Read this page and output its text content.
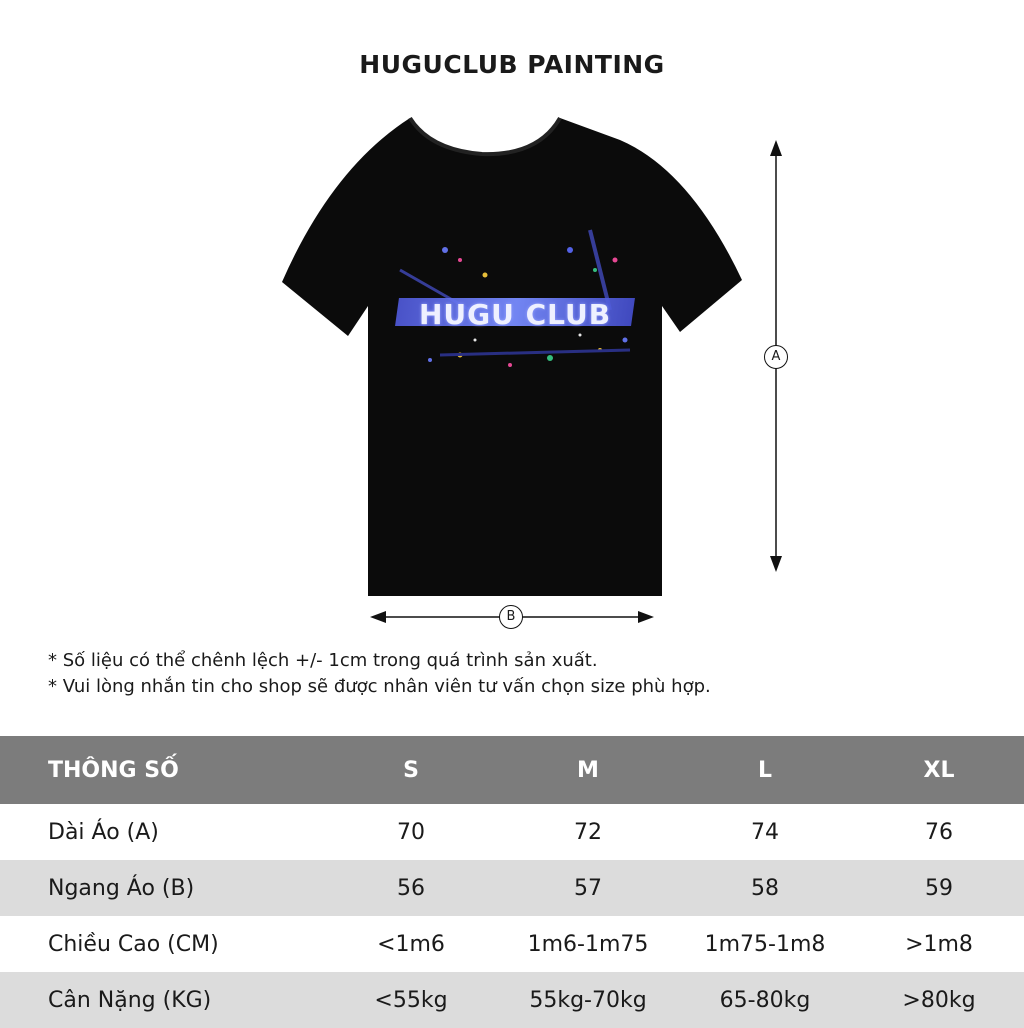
HUGUCLUB PAINTING
HUGU CLUB
A
B
* Số liệu có thể chênh lệch +/- 1cm trong quá trình sản xuất.
* Vui lòng nhắn tin cho shop sẽ được nhân viên tư vấn chọn size phù hợp.
THÔNG SỐ	S	M	L	XL
Dài Áo (A)	70	72	74	76
Ngang Áo (B)	56	57	58	59
Chiều Cao (CM)	<1m6	1m6-1m75	1m75-1m8	>1m8
Cân Nặng (KG)	<55kg	55kg-70kg	65-80kg	>80kg
